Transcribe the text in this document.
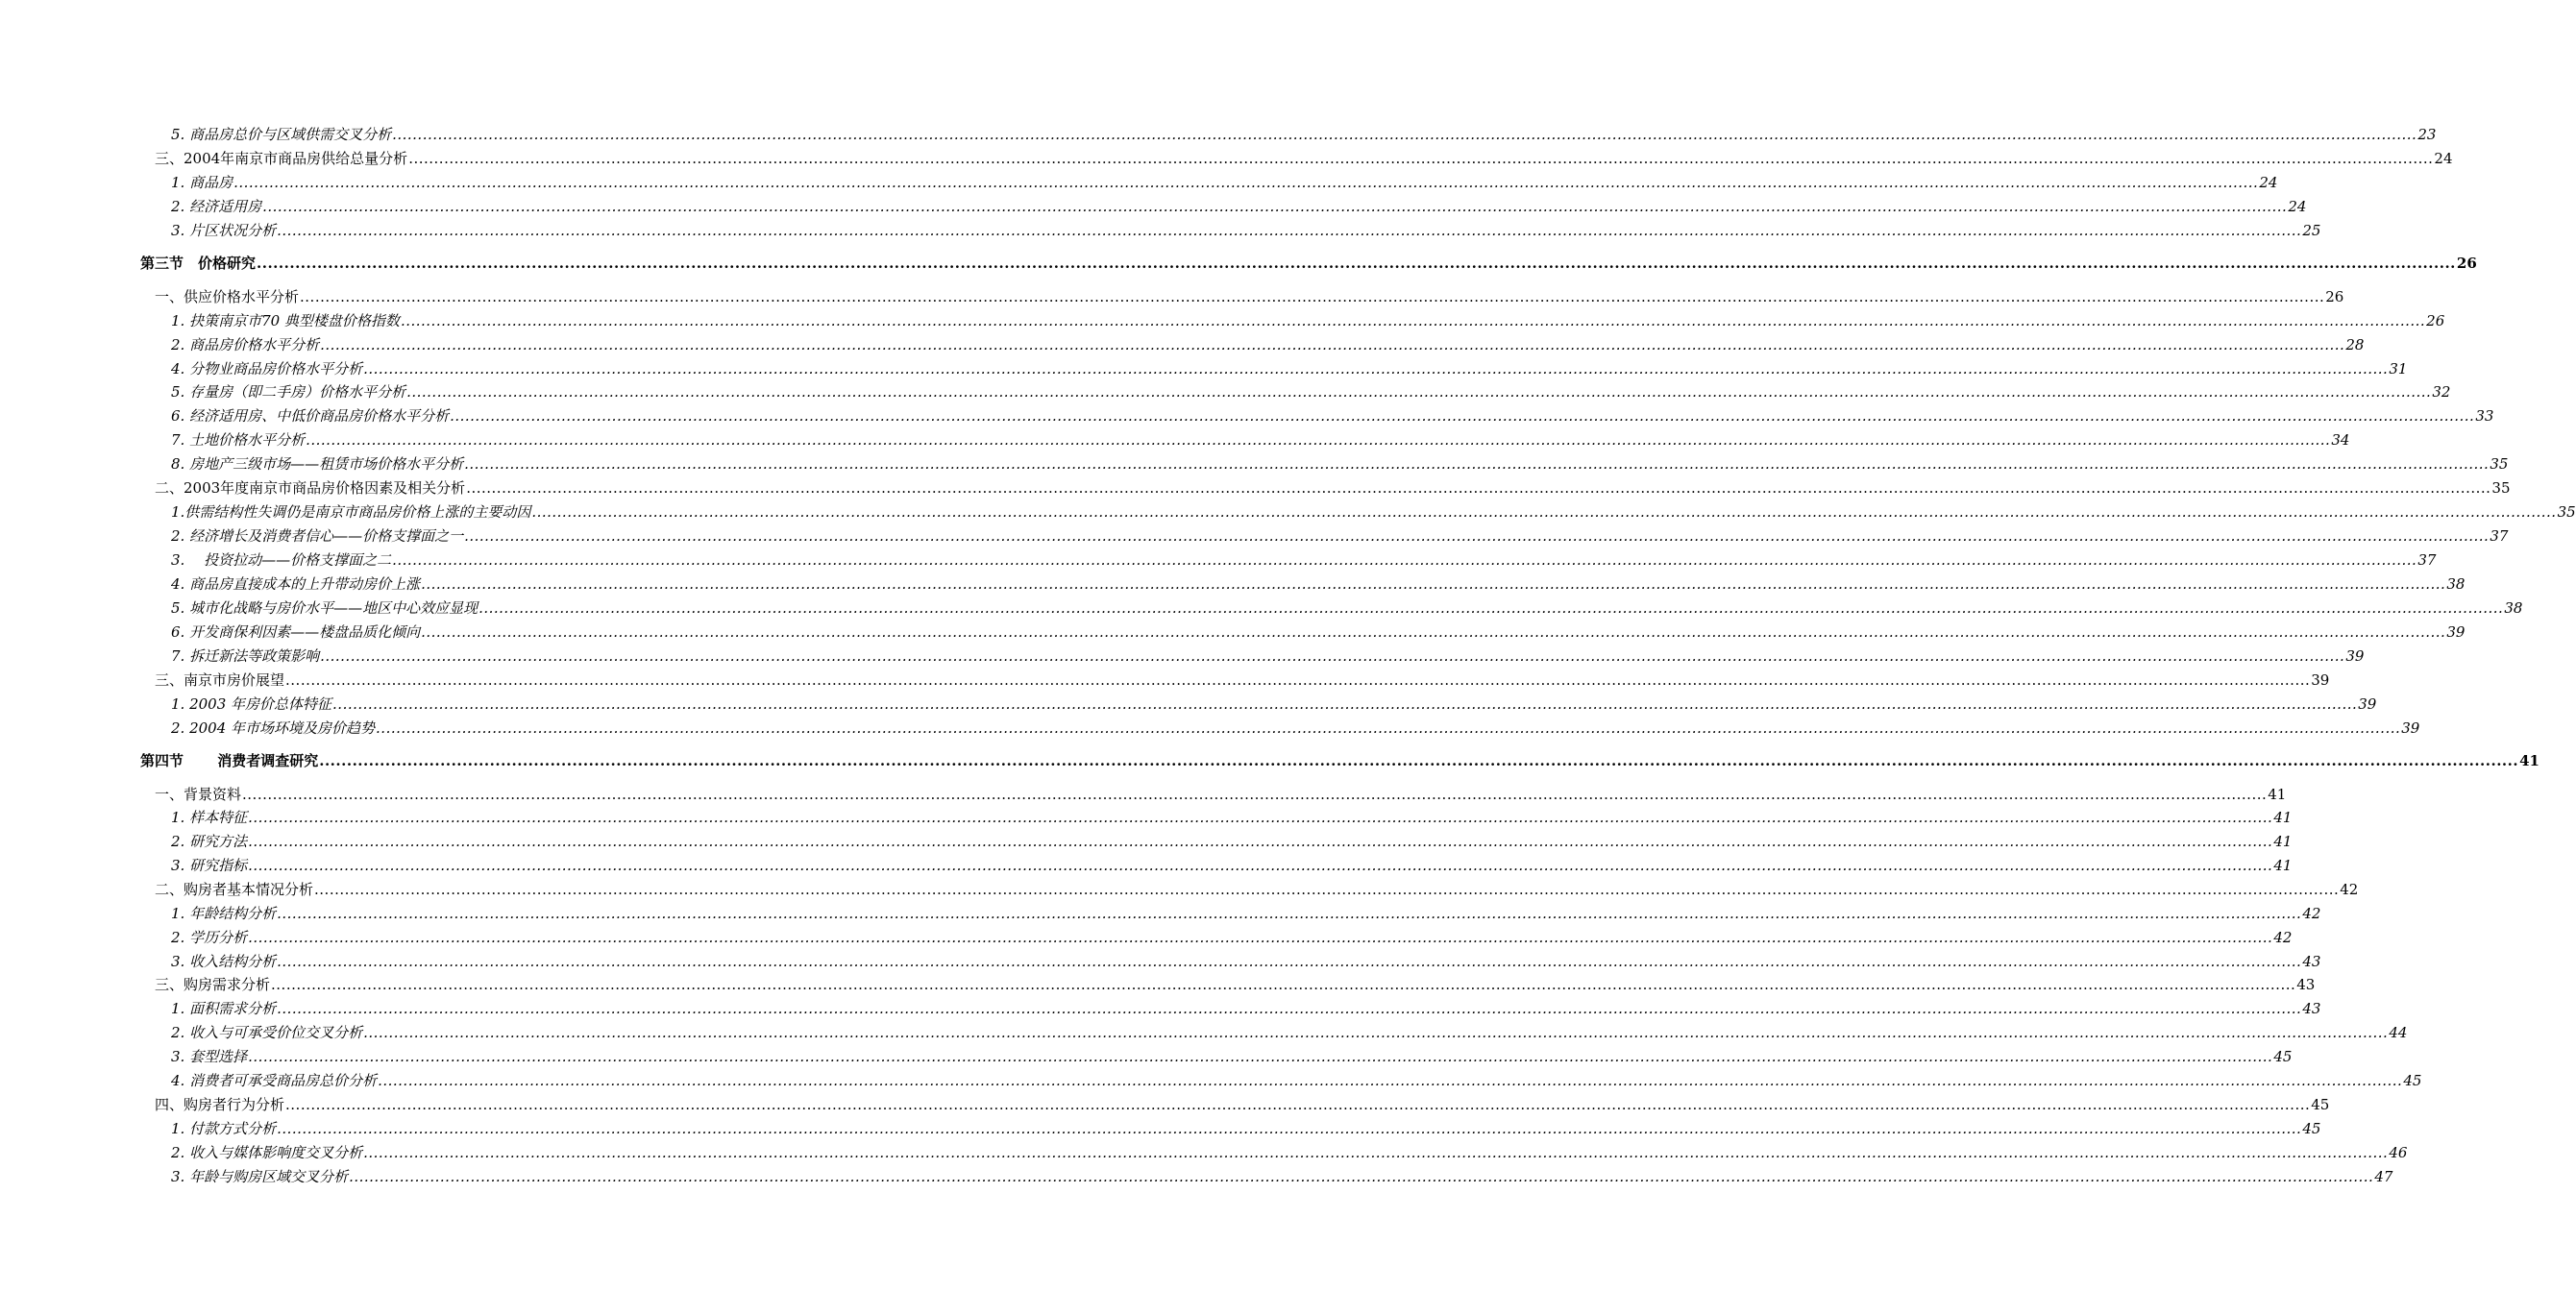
5. 商品房总价与区域供需交叉分析 ................................................................................................................................................................................................................................................................................................................................................................................................................ 23
三、2004年南京市商品房供给总量分析 ................................................................................................................................................................................................................................................................................................................................................................................................................ 24
1. 商品房 ................................................................................................................................................................................................................................................................................................................................................................................................................ 24
2. 经济适用房 ................................................................................................................................................................................................................................................................................................................................................................................................................ 24
3. 片区状况分析 ................................................................................................................................................................................................................................................................................................................................................................................................................ 25
第三节　价格研究 ................................................................................................................................................................................................................................................................................................................................................................................................................ 26
一、供应价格水平分析 ................................................................................................................................................................................................................................................................................................................................................................................................................ 26
1. 抉策南京市70 典型楼盘价格指数 ................................................................................................................................................................................................................................................................................................................................................................................................................ 26
2. 商品房价格水平分析 ................................................................................................................................................................................................................................................................................................................................................................................................................ 28
4. 分物业商品房价格水平分析 ................................................................................................................................................................................................................................................................................................................................................................................................................ 31
5. 存量房（即二手房）价格水平分析 ................................................................................................................................................................................................................................................................................................................................................................................................................ 32
6. 经济适用房、中低价商品房价格水平分析 ................................................................................................................................................................................................................................................................................................................................................................................................................ 33
7. 土地价格水平分析 ................................................................................................................................................................................................................................................................................................................................................................................................................ 34
8. 房地产三级市场——租赁市场价格水平分析 ................................................................................................................................................................................................................................................................................................................................................................................................................ 35
二、2003年度南京市商品房价格因素及相关分析 ................................................................................................................................................................................................................................................................................................................................................................................................................ 35
1.供需结构性失调仍是南京市商品房价格上涨的主要动因 ................................................................................................................................................................................................................................................................................................................................................................................................................ 35
2. 经济增长及消费者信心——价格支撑面之一 ................................................................................................................................................................................................................................................................................................................................................................................................................ 37
3.　 投资拉动——价格支撑面之二 ................................................................................................................................................................................................................................................................................................................................................................................................................ 37
4. 商品房直接成本的上升带动房价上涨 ................................................................................................................................................................................................................................................................................................................................................................................................................ 38
5. 城市化战略与房价水平——地区中心效应显现 ................................................................................................................................................................................................................................................................................................................................................................................................................ 38
6. 开发商保利因素——楼盘品质化倾向 ................................................................................................................................................................................................................................................................................................................................................................................................................ 39
7. 拆迁新法等政策影响 ................................................................................................................................................................................................................................................................................................................................................................................................................ 39
三、南京市房价展望 ................................................................................................................................................................................................................................................................................................................................................................................................................ 39
1. 2003 年房价总体特征 ................................................................................................................................................................................................................................................................................................................................................................................................................ 39
2. 2004 年市场环境及房价趋势 ................................................................................................................................................................................................................................................................................................................................................................................................................ 39
第四节　　 消费者调查研究 ................................................................................................................................................................................................................................................................................................................................................................................................................ 41
一、背景资料 ................................................................................................................................................................................................................................................................................................................................................................................................................ 41
1. 样本特征 ................................................................................................................................................................................................................................................................................................................................................................................................................ 41
2. 研究方法 ................................................................................................................................................................................................................................................................................................................................................................................................................ 41
3. 研究指标 ................................................................................................................................................................................................................................................................................................................................................................................................................ 41
二、购房者基本情况分析 ................................................................................................................................................................................................................................................................................................................................................................................................................ 42
1. 年龄结构分析 ................................................................................................................................................................................................................................................................................................................................................................................................................ 42
2. 学历分析 ................................................................................................................................................................................................................................................................................................................................................................................................................ 42
3. 收入结构分析 ................................................................................................................................................................................................................................................................................................................................................................................................................ 43
三、购房需求分析 ................................................................................................................................................................................................................................................................................................................................................................................................................ 43
1. 面积需求分析 ................................................................................................................................................................................................................................................................................................................................................................................................................ 43
2. 收入与可承受价位交叉分析 ................................................................................................................................................................................................................................................................................................................................................................................................................ 44
3. 套型选择 ................................................................................................................................................................................................................................................................................................................................................................................................................ 45
4. 消费者可承受商品房总价分析 ................................................................................................................................................................................................................................................................................................................................................................................................................ 45
四、购房者行为分析 ................................................................................................................................................................................................................................................................................................................................................................................................................ 45
1. 付款方式分析 ................................................................................................................................................................................................................................................................................................................................................................................................................ 45
2. 收入与媒体影响度交叉分析 ................................................................................................................................................................................................................................................................................................................................................................................................................ 46
3. 年龄与购房区域交叉分析 ................................................................................................................................................................................................................................................................................................................................................................................................................ 47
